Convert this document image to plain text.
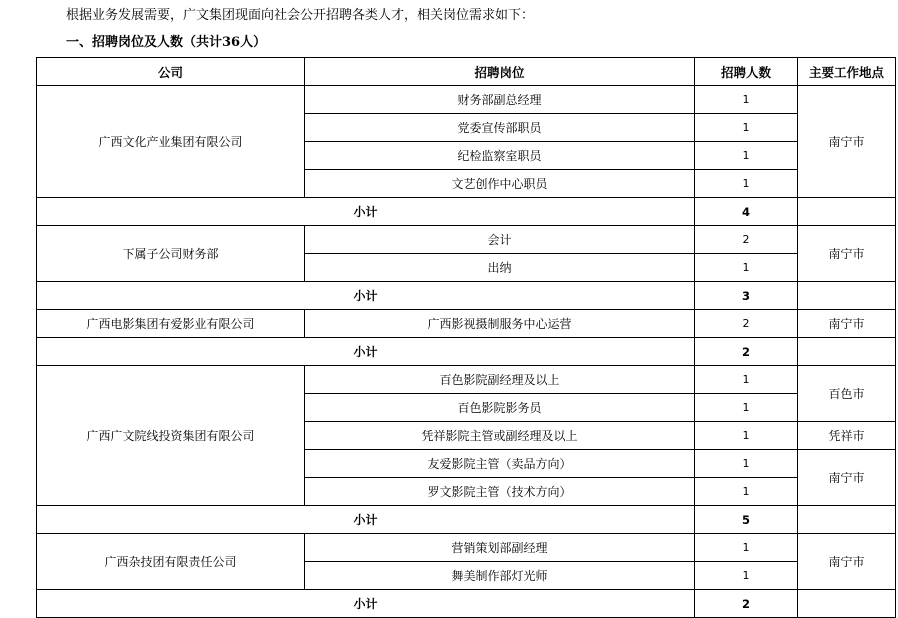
根据业务发展需要，广文集团现面向社会公开招聘各类人才，相关岗位需求如下：
一、招聘岗位及人数（共计36人）
公司	招聘岗位	招聘人数	主要工作地点
广西文化产业集团有限公司	财务部副总经理	1	南宁市
	党委宣传部职员	1	
	纪检监察室职员	1	
	文艺创作中心职员	1	
小计		4	
下属子公司财务部	会计	2	南宁市
	出纳	1	
小计		3	
广西电影集团有爱影业有限公司	广西影视摄制服务中心运营	2	南宁市
小计		2	
广西广文院线投资集团有限公司	百色影院副经理及以上	1	百色市
	百色影院影务员	1	
	凭祥影院主管或副经理及以上	1	凭祥市
	友爱影院主管（卖品方向）	1	南宁市
	罗文影院主管（技术方向）	1	
小计		5	
广西杂技团有限责任公司	营销策划部副经理	1	南宁市
	舞美制作部灯光师	1	
小计		2	
